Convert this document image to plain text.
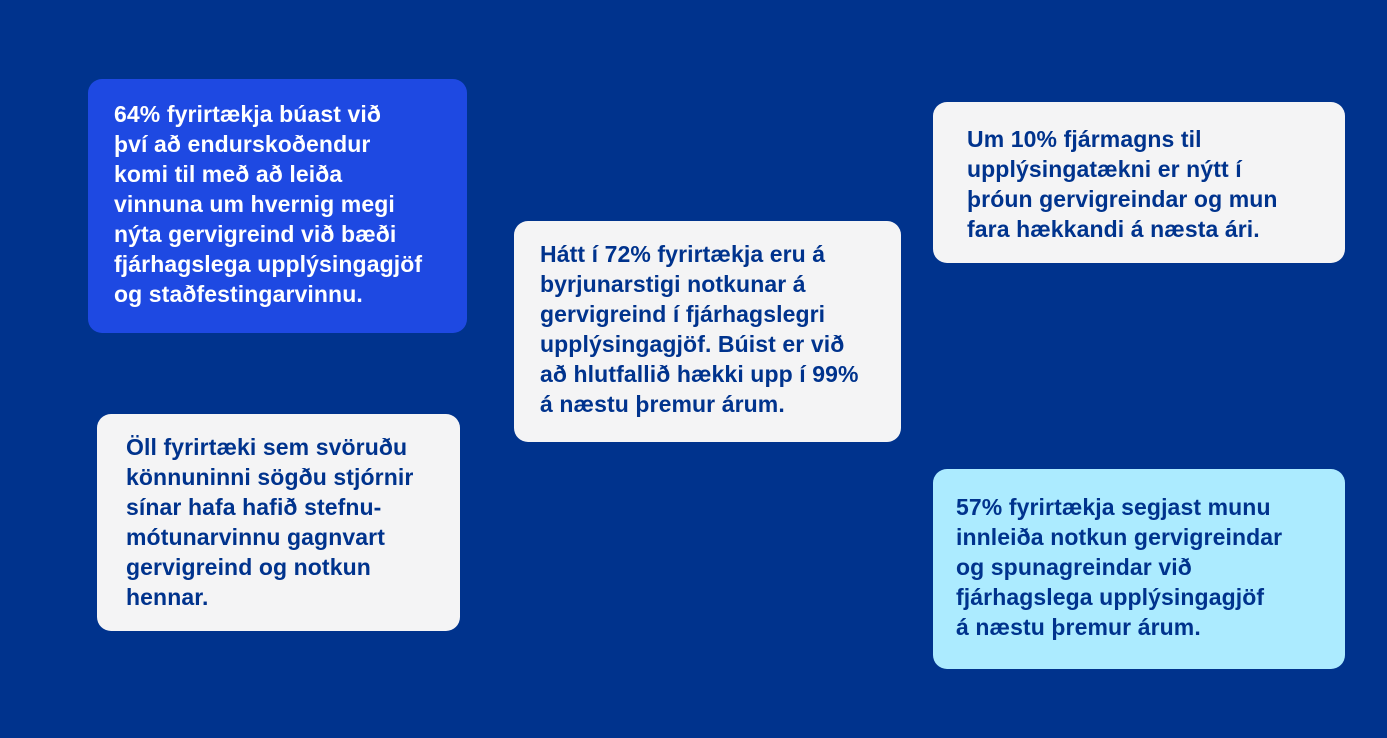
64% fyrirtækja búast við
því að endurskoðendur
komi til með að leiða
vinnuna um hvernig megi
nýta gervigreind við bæði
fjárhagslega upplýsingagjöf
og staðfestingarvinnu.
Hátt í 72% fyrirtækja eru á
byrjunarstigi notkunar á
gervigreind í fjárhagslegri
upplýsingagjöf. Búist er við
að hlutfallið hækki upp í 99%
á næstu þremur árum.
Um 10% fjármagns til
upplýsingatækni er nýtt í
þróun gervigreindar og mun
fara hækkandi á næsta ári.
Öll fyrirtæki sem svöruðu
könnuninni sögðu stjórnir
sínar hafa hafið stefnu-
mótunarvinnu gagnvart
gervigreind og notkun
hennar.
57% fyrirtækja segjast munu
innleiða notkun gervigreindar
og spunagreindar við
fjárhagslega upplýsingagjöf
á næstu þremur árum.
